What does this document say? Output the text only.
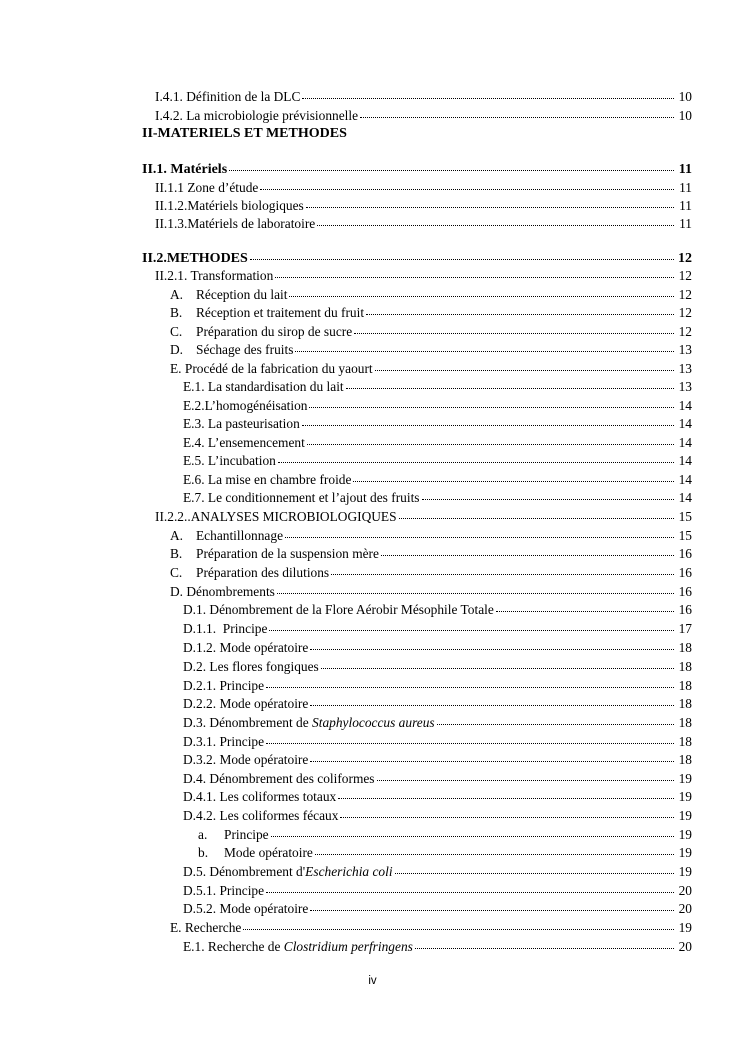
I.4.1. Définition de la DLC	10
I.4.2. La microbiologie prévisionnelle	10
II-MATERIELS ET METHODES
II.1. Matériels	11
II.1.1 Zone d’étude	11
II.1.2.Matériels biologiques	11
II.1.3.Matériels de laboratoire	11
II.2.METHODES	12
II.2.1. Transformation	12
A. Réception du lait	12
B.	Réception et traitement du fruit	12
C.	Préparation du sirop de sucre	12
D. Séchage des fruits	13
E. Procédé de la fabrication du yaourt	13
E.1. La standardisation du lait	13
E.2.L’homogénéisation	14
E.3. La pasteurisation	14
E.4. L’ensemencement	14
E.5. L’incubation	14
E.6. La mise en chambre froide	14
E.7. Le conditionnement et l’ajout des fruits	14
II.2.2..ANALYSES MICROBIOLOGIQUES	15
A. Echantillonnage	15
B.	Préparation de la suspension mère	16
C.	Préparation des dilutions	16
D. Dénombrements	16
D.1. Dénombrement de la Flore Aérobir Mésophile Totale	16
D.1.1.  Principe	17
D.1.2. Mode opératoire	18
D.2. Les flores fongiques	18
D.2.1. Principe	18
D.2.2. Mode opératoire	18
D.3. Dénombrement de Staphylococcus aureus	18
D.3.1. Principe	18
D.3.2. Mode opératoire	18
D.4. Dénombrement des coliformes	19
D.4.1. Les coliformes totaux	19
D.4.2. Les coliformes fécaux	19
a.	Principe	19
b.	Mode opératoire	19
D.5. Dénombrement d' Escherichia coli	19
D.5.1. Principe	20
D.5.2. Mode opératoire	20
E. Recherche	19
E.1. Recherche de Clostridium perfringens	20
iv
